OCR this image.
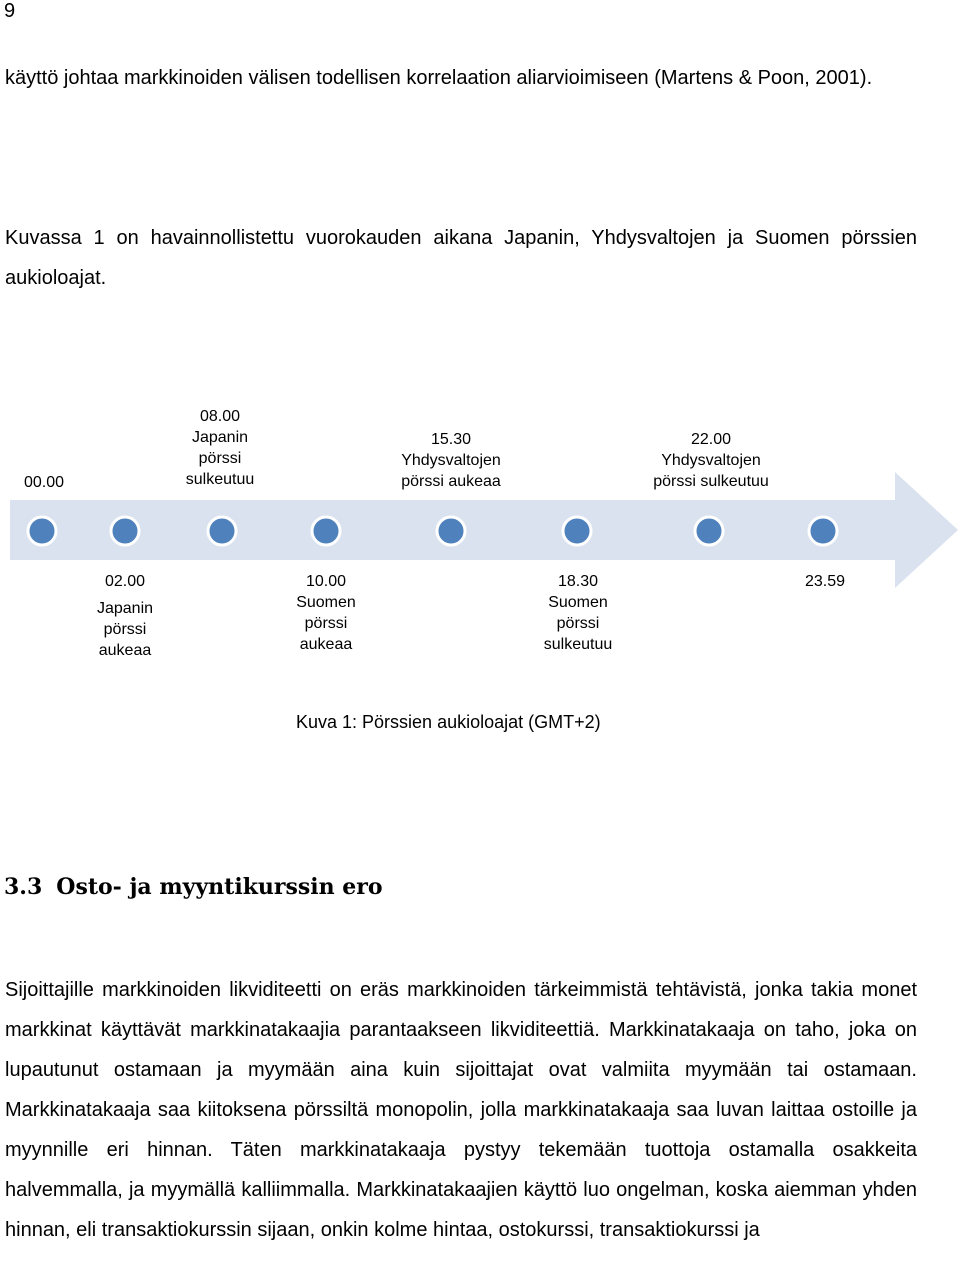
9

käyttö johtaa markkinoiden välisen todellisen korrelaation aliarvioimiseen (Martens & Poon, 2001).

Kuvassa 1 on havainnollistettu vuorokauden aikana Japanin, Yhdysvaltojen ja Suomen pörssien aukioloajat.

00.00
08.00
Japanin
pörssi
sulkeutuu
15.30
Yhdysvaltojen
pörssi aukeaa
22.00
Yhdysvaltojen
pörssi sulkeutuu
02.00
Japanin
pörssi
aukeaa
10.00
Suomen
pörssi
aukeaa
18.30
Suomen
pörssi
sulkeutuu
23.59
Kuva 1: Pörssien aukioloajat (GMT+2)
3.3 Osto- ja myyntikurssin ero

Sijoittajille markkinoiden likviditeetti on eräs markkinoiden tärkeimmistä tehtävistä, jonka takia monet markkinat käyttävät markkinatakaajia parantaakseen likviditeettiä. Markkinatakaaja on taho, joka on lupautunut ostamaan ja myymään aina kuin sijoittajat ovat valmiita myymään tai ostamaan. Markkinatakaaja saa kiitoksena pörssiltä monopolin, jolla markkinatakaaja saa luvan laittaa ostoille ja myynnille eri hinnan. Täten markkinatakaaja pystyy tekemään tuottoja ostamalla osakkeita halvemmalla, ja myymällä kalliimmalla. Markkinatakaajien käyttö luo ongelman, koska aiemman yhden hinnan, eli transaktiokurssin sijaan, onkin kolme hintaa, ostokurssi, transaktiokurssi ja
